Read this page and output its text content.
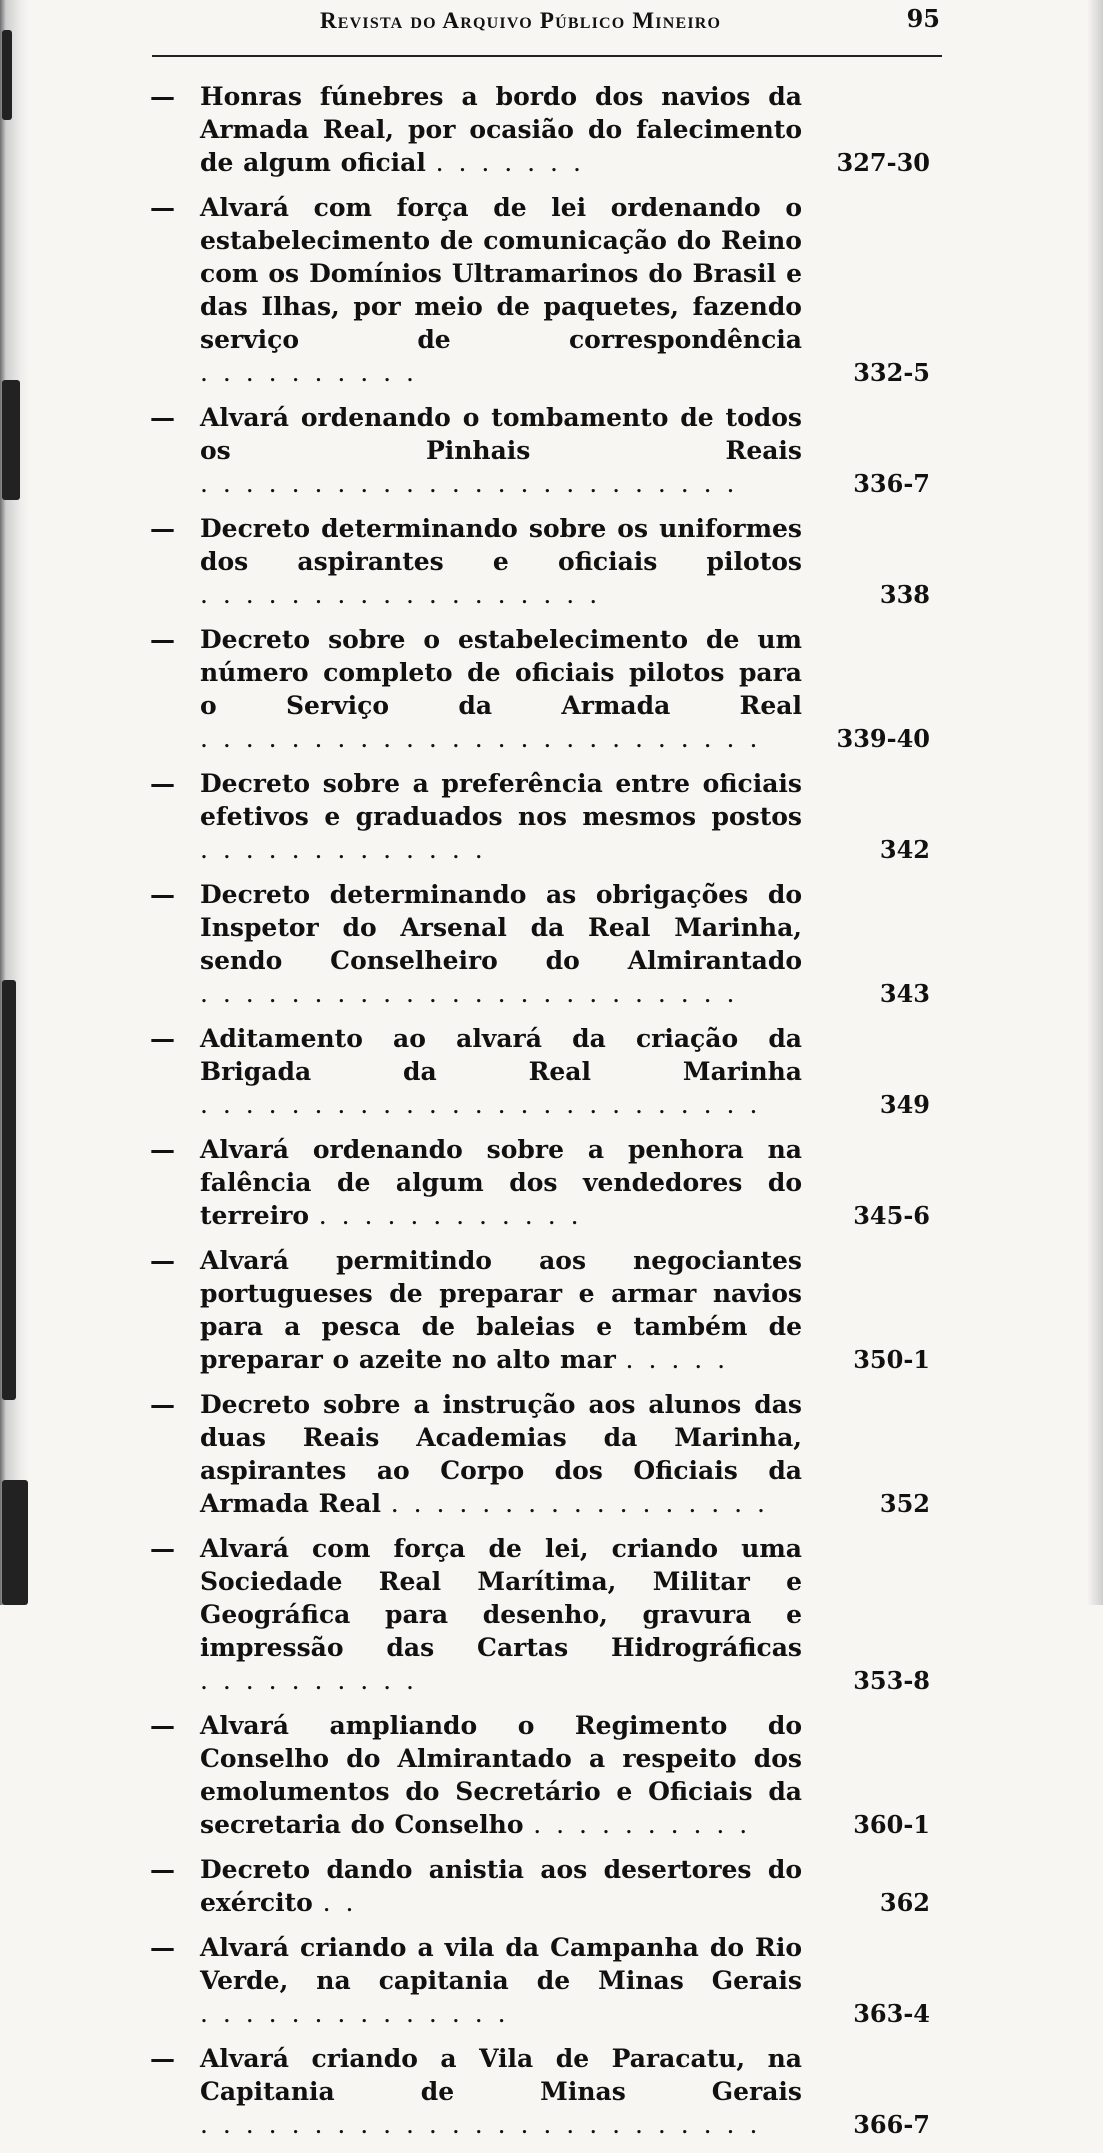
Revista do Arquivo Público Mineiro	95
— Honras fúnebres a bordo dos navios da Armada Real, por ocasião do falecimento de algum oficial . . . . . . .	327-30
— Alvará com força de lei ordenando o estabelecimento de comunicação do Reino com os Domínios Ultramarinos do Brasil e das Ilhas, por meio de paquetes, fazendo serviço de correspondência . . . . . . . . . .	332-5
— Alvará ordenando o tombamento de todos os Pinhais Reais . . . . . . . . . . . . . . . . . . . . . . . .	336-7
— Decreto determinando sobre os uniformes dos aspirantes e oficiais pilotos . . . . . . . . . . . . . . . . . .	338
— Decreto sobre o estabelecimento de um número completo de oficiais pilotos para o Serviço da Armada Real . . . . . . . . . . . . . . . . . . . . . . . . .	339-40
— Decreto sobre a preferência entre oficiais efetivos e graduados nos mesmos postos . . . . . . . . . . . . .	342
— Decreto determinando as obrigações do Inspetor do Arsenal da Real Marinha, sendo Conselheiro do Almirantado . . . . . . . . . . . . . . . . . . . . . . . .	343
— Aditamento ao alvará da criação da Brigada da Real Marinha . . . . . . . . . . . . . . . . . . . . . . . . .	349
— Alvará ordenando sobre a penhora na falência de algum dos vendedores do terreiro . . . . . . . . . . . .	345-6
— Alvará permitindo aos negociantes portugueses de preparar e armar navios para a pesca de baleias e também de preparar o azeite no alto mar . . . . .	350-1
— Decreto sobre a instrução aos alunos das duas Reais Academias da Marinha, aspirantes ao Corpo dos Oficiais da Armada Real . . . . . . . . . . . . . . . . .	352
— Alvará com força de lei, criando uma Sociedade Real Marítima, Militar e Geográfica para desenho, gravura e impressão das Cartas Hidrográficas . . . . . . . . . .	353-8
— Alvará ampliando o Regimento do Conselho do Almirantado a respeito dos emolumentos do Secretário e Oficiais da secretaria do Conselho . . . . . . . . . .	360-1
— Decreto dando anistia aos desertores do exército . .	362
— Alvará criando a vila da Campanha do Rio Verde, na capitania de Minas Gerais . . . . . . . . . . . . . .	363-4
— Alvará criando a Vila de Paracatu, na Capitania de Minas Gerais . . . . . . . . . . . . . . . . . . . . . . . . .	366-7
